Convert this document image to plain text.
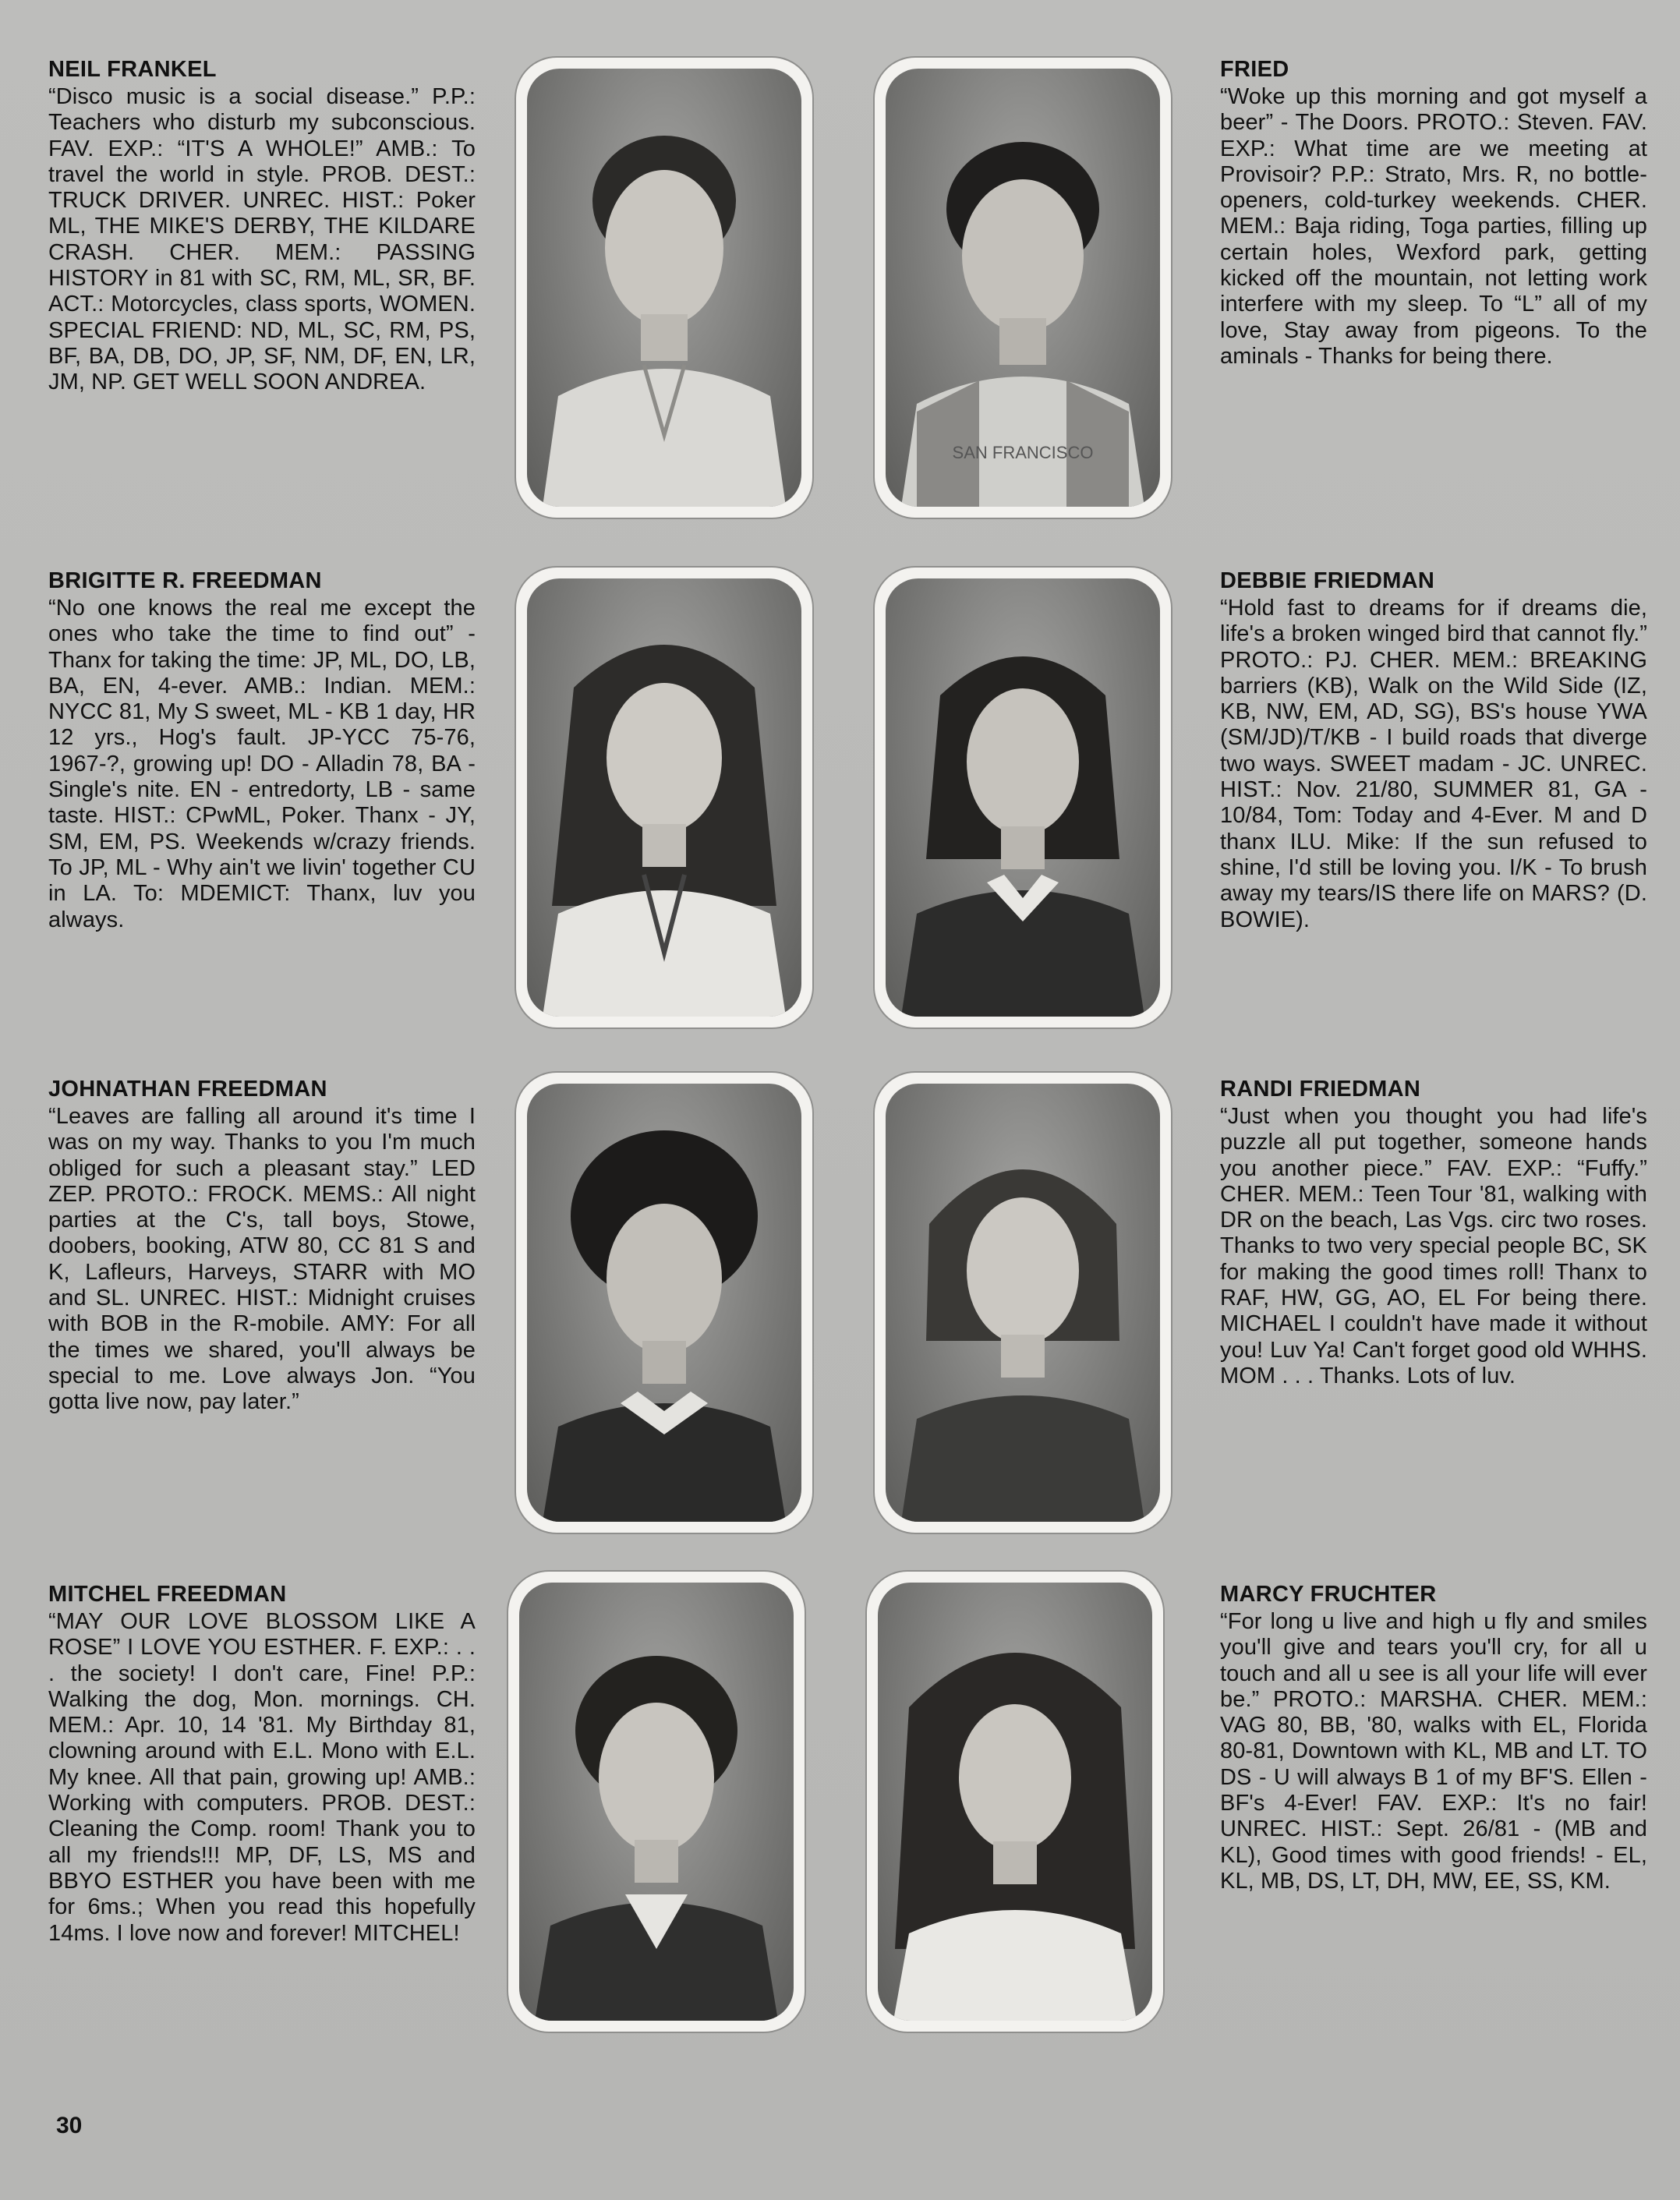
NEIL FRANKEL

“Disco music is a social disease.” P.P.: Teachers who disturb my subconscious. FAV. EXP.: “IT'S A WHOLE!” AMB.: To travel the world in style. PROB. DEST.: TRUCK DRIVER. UNREC. HIST.: Poker ML, THE MIKE'S DERBY, THE KILDARE CRASH. CHER. MEM.: PASSING HISTORY in 81 with SC, RM, ML, SR, BF. ACT.: Motorcycles, class sports, WOMEN. SPECIAL FRIEND: ND, ML, SC, RM, PS, BF, BA, DB, DO, JP, SF, NM, DF, EN, LR, JM, NP. GET WELL SOON ANDREA.

SAN FRANCISCO
FRIED

“Woke up this morning and got myself a beer” - The Doors. PROTO.: Steven. FAV. EXP.: What time are we meeting at Provisoir? P.P.: Strato, Mrs. R, no bottle-openers, cold-turkey weekends. CHER. MEM.: Baja riding, Toga parties, filling up certain holes, Wexford park, getting kicked off the mountain, not letting work interfere with my sleep. To “L” all of my love, Stay away from pigeons. To the aminals - Thanks for being there.

BRIGITTE R. FREEDMAN

“No one knows the real me except the ones who take the time to find out” - Thanx for taking the time: JP, ML, DO, LB, BA, EN, 4-ever. AMB.: Indian. MEM.: NYCC 81, My S sweet, ML - KB 1 day, HR 12 yrs., Hog's fault. JP-YCC 75-76, 1967-?, growing up! DO - Alladin 78, BA - Single's nite. EN - entredorty, LB - same taste. HIST.: CPwML, Poker. Thanx - JY, SM, EM, PS. Weekends w/crazy friends. To JP, ML - Why ain't we livin' together CU in LA. To: MDEMICT: Thanx, luv you always.

DEBBIE FRIEDMAN

“Hold fast to dreams for if dreams die, life's a broken winged bird that cannot fly.” PROTO.: PJ. CHER. MEM.: BREAKING barriers (KB), Walk on the Wild Side (IZ, KB, NW, EM, AD, SG), BS's house YWA (SM/JD)/T/KB - I build roads that diverge two ways. SWEET madam - JC. UNREC. HIST.: Nov. 21/80, SUMMER 81, GA - 10/84, Tom: Today and 4-Ever. M and D thanx ILU. Mike: If the sun refused to shine, I'd still be loving you. I/K - To brush away my tears/IS there life on MARS? (D. BOWIE).

JOHNATHAN FREEDMAN

“Leaves are falling all around it's time I was on my way. Thanks to you I'm much obliged for such a pleasant stay.” LED ZEP. PROTO.: FROCK. MEMS.: All night parties at the C's, tall boys, Stowe, doobers, booking, ATW 80, CC 81 S and K, Lafleurs, Harveys, STARR with MO and SL. UNREC. HIST.: Midnight cruises with BOB in the R-mobile. AMY: For all the times we shared, you'll always be special to me. Love always Jon. “You gotta live now, pay later.”

RANDI FRIEDMAN

“Just when you thought you had life's puzzle all put together, someone hands you another piece.” FAV. EXP.: “Fuffy.” CHER. MEM.: Teen Tour '81, walking with DR on the beach, Las Vgs. circ two roses. Thanks to two very special people BC, SK for making the good times roll! Thanx to RAF, HW, GG, AO, EL For being there. MICHAEL I couldn't have made it without you! Luv Ya! Can't forget good old WHHS. MOM . . . Thanks. Lots of luv.

MITCHEL FREEDMAN

“MAY OUR LOVE BLOSSOM LIKE A ROSE” I LOVE YOU ESTHER. F. EXP.: . . . the society! I don't care, Fine! P.P.: Walking the dog, Mon. mornings. CH. MEM.: Apr. 10, 14 '81. My Birthday 81, clowning around with E.L. Mono with E.L. My knee. All that pain, growing up! AMB.: Working with computers. PROB. DEST.: Cleaning the Comp. room! Thank you to all my friends!!! MP, DF, LS, MS and BBYO ESTHER you have been with me for 6ms.; When you read this hopefully 14ms. I love now and forever! MITCHEL!

MARCY FRUCHTER

“For long u live and high u fly and smiles you'll give and tears you'll cry, for all u touch and all u see is all your life will ever be.” PROTO.: MARSHA. CHER. MEM.: VAG 80, BB, '80, walks with EL, Florida 80-81, Downtown with KL, MB and LT. TO DS - U will always B 1 of my BF'S. Ellen - BF's 4-Ever! FAV. EXP.: It's no fair! UNREC. HIST.: Sept. 26/81 - (MB and KL), Good times with good friends! - EL, KL, MB, DS, LT, DH, MW, EE, SS, KM.

30
